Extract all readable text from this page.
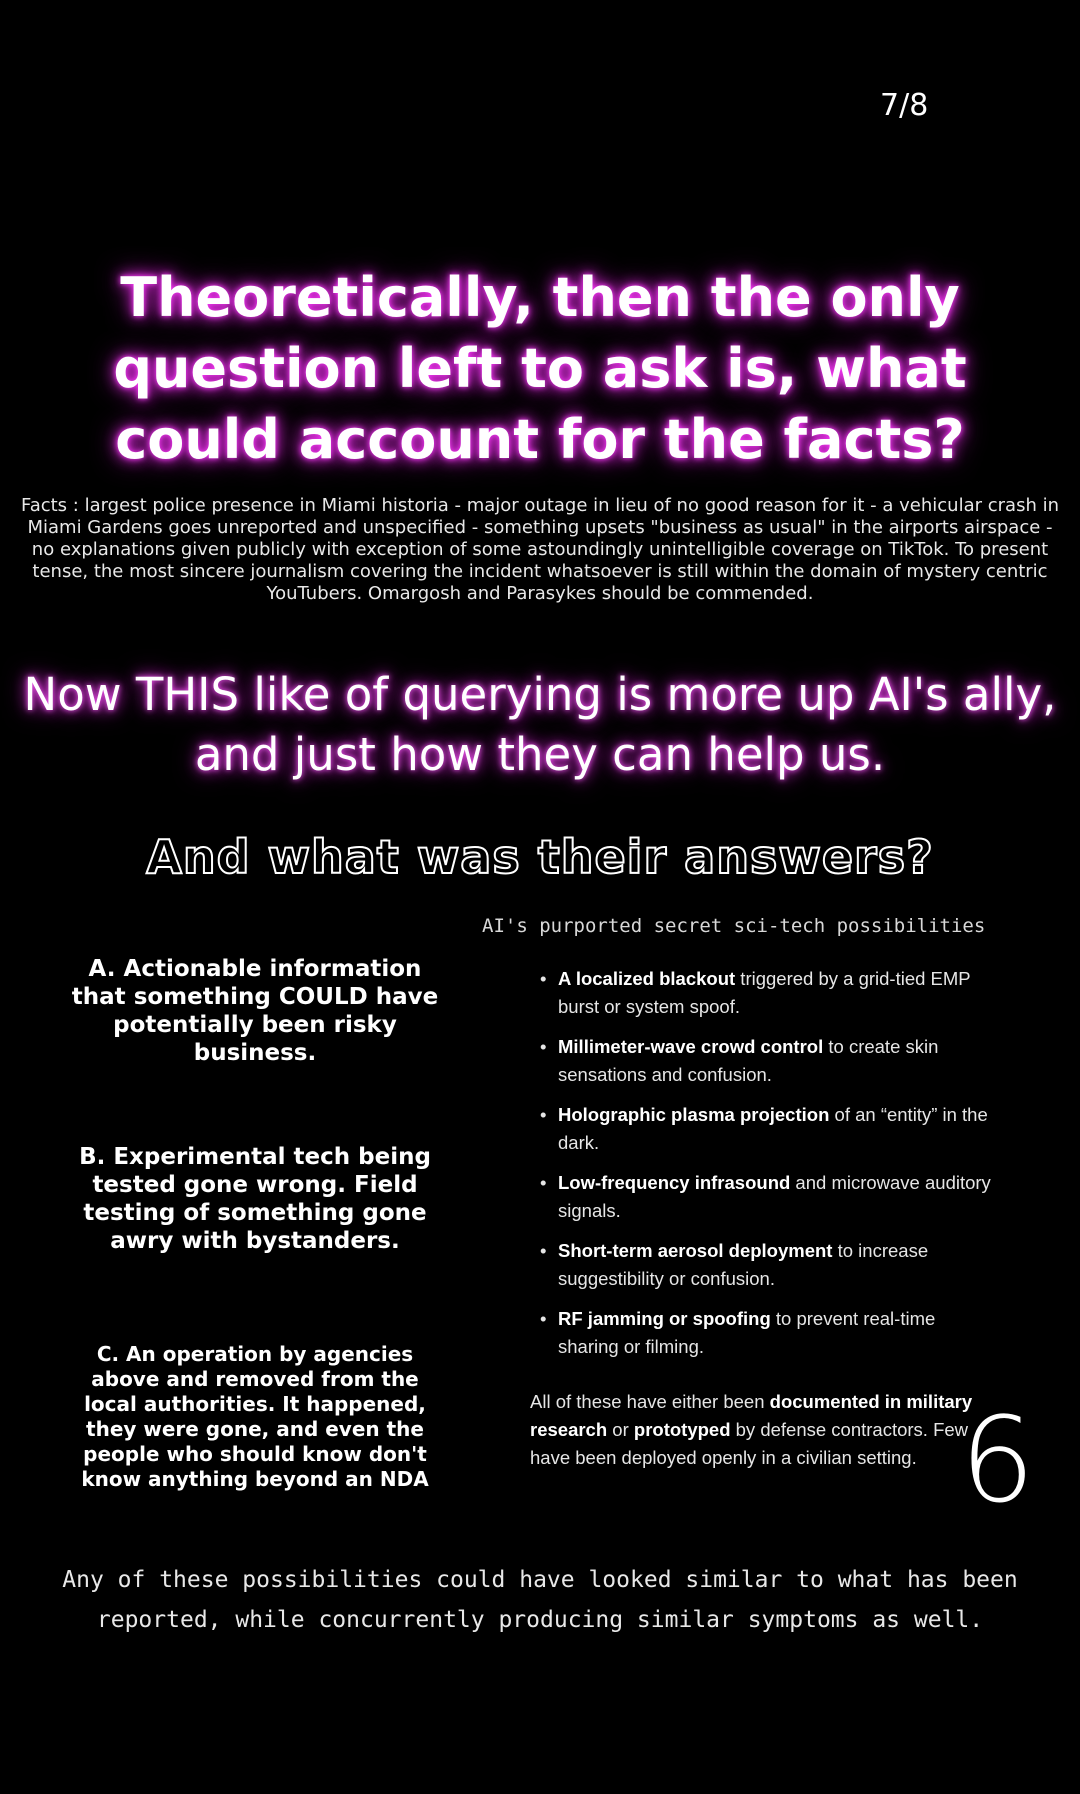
7/8
Theoretically, then the only question left to ask is, what could account for the facts?
Facts : largest police presence in Miami historia - major outage in lieu of no good reason for it - a vehicular crash in Miami Gardens goes unreported and unspecified - something upsets "business as usual" in the airports airspace - no explanations given publicly with exception of some astoundingly unintelligible coverage on TikTok. To present tense, the most sincere journalism covering the incident whatsoever is still within the domain of mystery centric YouTubers. Omargosh and Parasykes should be commended.
Now THIS like of querying is more up AI's ally, and just how they can help us.
And what was their answers?
AI's purported secret sci-tech possibilities
A. Actionable information that something COULD have potentially been risky business.
B. Experimental tech being tested gone wrong. Field testing of something gone awry with bystanders.
C. An operation by agencies above and removed from the local authorities. It happened, they were gone, and even the people who should know don't know anything beyond an NDA
• A localized blackout triggered by a grid-tied EMP burst or system spoof.
• Millimeter-wave crowd control to create skin sensations and confusion.
• Holographic plasma projection of an “entity” in the dark.
• Low-frequency infrasound and microwave auditory signals.
• Short-term aerosol deployment to increase suggestibility or confusion.
• RF jamming or spoofing to prevent real-time sharing or filming.
All of these have either been documented in military research or prototyped by defense contractors. Few have been deployed openly in a civilian setting. 6
Any of these possibilities could have looked similar to what has been reported, while concurrently producing similar symptoms as well.
